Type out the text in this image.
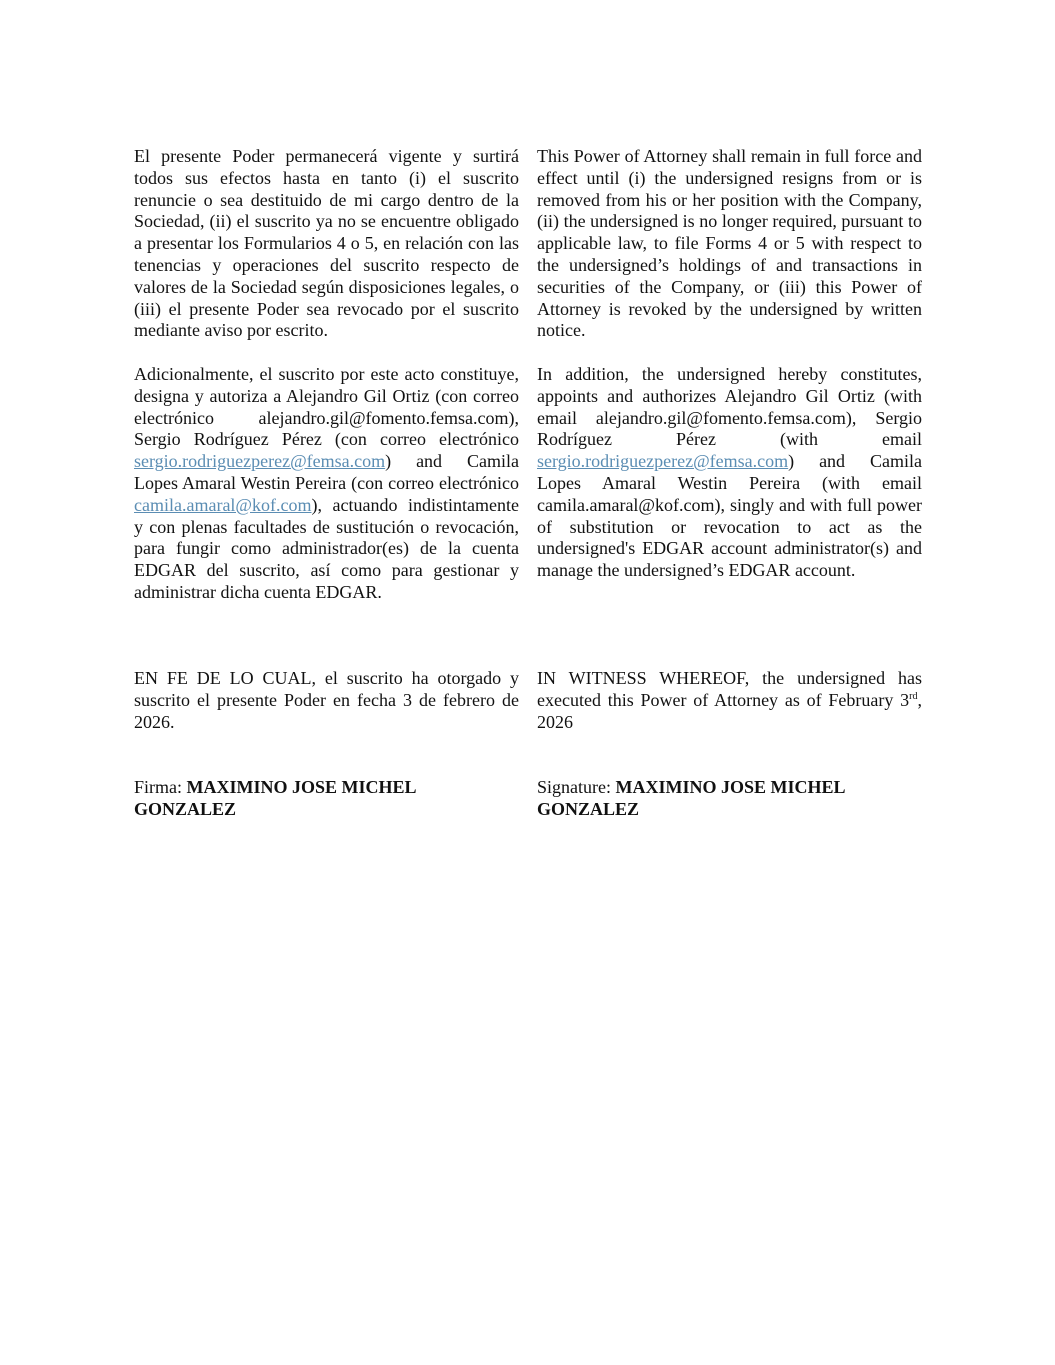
El presente Poder permanecerá vigente y surtirá todos sus efectos hasta en tanto (i) el suscrito renuncie o sea destituido de mi cargo dentro de la Sociedad, (ii) el suscrito ya no se encuentre obligado a presentar los Formularios 4 o 5, en relación con las tenencias y operaciones del suscrito respecto de valores de la Sociedad según disposiciones legales, o (iii) el presente Poder sea revocado por el suscrito mediante aviso por escrito.

Adicionalmente, el suscrito por este acto constituye, designa y autoriza a Alejandro Gil Ortiz (con correo electrónico alejandro.gil@fomento.femsa.com), Sergio Rodríguez Pérez (con correo electrónico sergio.rodriguezperez@femsa.com) and Camila Lopes Amaral Westin Pereira (con correo electrónico camila.amaral@kof.com), actuando indistintamente y con plenas facultades de sustitución o revocación, para fungir como administrador(es) de la cuenta EDGAR del suscrito, así como para gestionar y administrar dicha cuenta EDGAR.

EN FE DE LO CUAL, el suscrito ha otorgado y suscrito el presente Poder en fecha 3 de febrero de 2026.

Firma: MAXIMINO JOSE MICHEL GONZALEZ

This Power of Attorney shall remain in full force and effect until (i) the undersigned resigns from or is removed from his or her position with the Company, (ii) the undersigned is no longer required, pursuant to applicable law, to file Forms 4 or 5 with respect to the undersigned’s holdings of and transactions in securities of the Company, or (iii) this Power of Attorney is revoked by the undersigned by written notice.

In addition, the undersigned hereby constitutes, appoints and authorizes Alejandro Gil Ortiz (with email alejandro.gil@fomento.femsa.com), Sergio Rodríguez Pérez (with email sergio.rodriguezperez@femsa.com) and Camila Lopes Amaral Westin Pereira (with email camila.amaral@kof.com), singly and with full power of substitution or revocation to act as the undersigned's EDGAR account administrator(s) and manage the undersigned’s EDGAR account.

IN WITNESS WHEREOF, the undersigned has executed this Power of Attorney as of February 3rd, 2026

Signature: MAXIMINO JOSE MICHEL GONZALEZ
